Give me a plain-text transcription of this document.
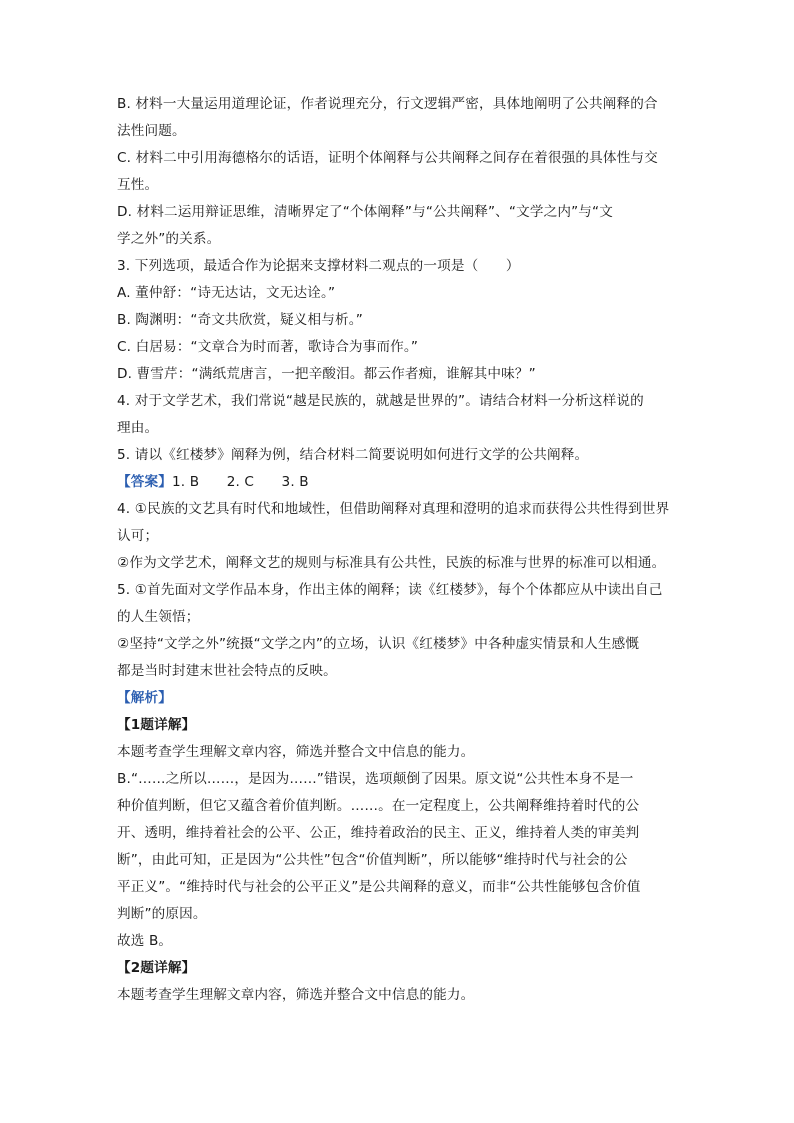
B. 材料一大量运用道理论证，作者说理充分，行文逻辑严密，具体地阐明了公共阐释的合
法性问题。
C. 材料二中引用海德格尔的话语，证明个体阐释与公共阐释之间存在着很强的具体性与交
互性。
D. 材料二运用辩证思维，清晰界定了“个体阐释”与“公共阐释”、“文学之内”与“文
学之外”的关系。
3. 下列选项，最适合作为论据来支撑材料二观点的一项是（　　）
A. 董仲舒：“诗无达诂，文无达诠。”
B. 陶渊明：“奇文共欣赏，疑义相与析。”
C. 白居易：“文章合为时而著，歌诗合为事而作。”
D. 曹雪芹：“满纸荒唐言，一把辛酸泪。都云作者痴，谁解其中味？”
4. 对于文学艺术，我们常说“越是民族的，就越是世界的”。请结合材料一分析这样说的
理由。
5. 请以《红楼梦》阐释为例，结合材料二简要说明如何进行文学的公共阐释。
【答案】1. B　　2. C　　3. B
4. ①民族的文艺具有时代和地域性，但借助阐释对真理和澄明的追求而获得公共性得到世界
认可；
②作为文学艺术，阐释文艺的规则与标准具有公共性，民族的标准与世界的标准可以相通。
5. ①首先面对文学作品本身，作出主体的阐释；读《红楼梦》，每个个体都应从中读出自己
的人生领悟；
②坚持“文学之外”统摄“文学之内”的立场，认识《红楼梦》中各种虚实情景和人生感慨
都是当时封建末世社会特点的反映。
【解析】
【1题详解】
本题考查学生理解文章内容，筛选并整合文中信息的能力。
B.“……之所以……，是因为……”错误，选项颠倒了因果。原文说“公共性本身不是一
种价值判断，但它又蕴含着价值判断。……。在一定程度上，公共阐释维持着时代的公
开、透明，维持着社会的公平、公正，维持着政治的民主、正义，维持着人类的审美判
断”，由此可知，正是因为“公共性”包含“价值判断”，所以能够“维持时代与社会的公
平正义”。“维持时代与社会的公平正义”是公共阐释的意义，而非“公共性能够包含价值
判断”的原因。
故选 B。
【2题详解】
本题考查学生理解文章内容，筛选并整合文中信息的能力。
